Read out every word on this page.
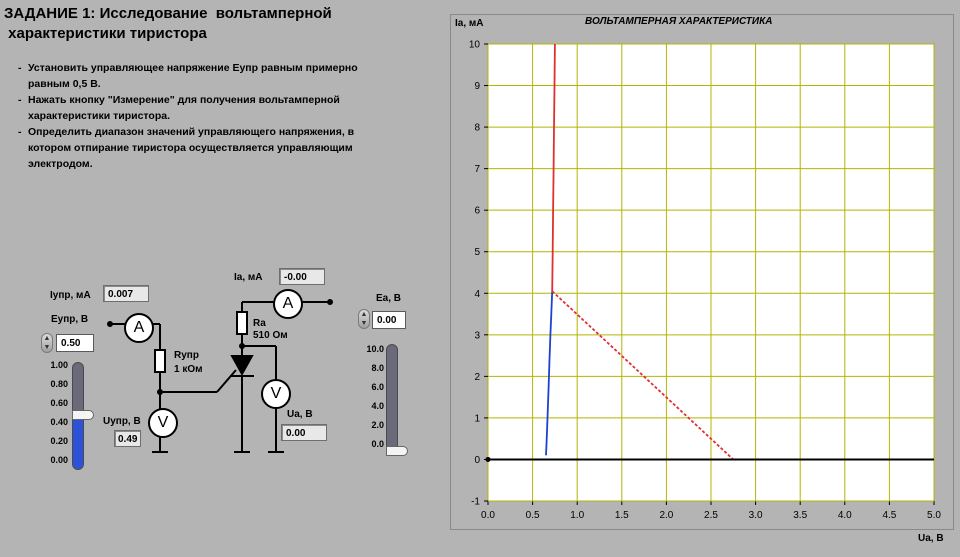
ЗАДАНИЕ 1: Исследование  вольтамперной
характеристики тиристора
- Установить управляющее напряжение Еупр равным примерно равным 0,5 В.
- Нажать кнопку "Измерение" для получения вольтамперной характеристики тиристора.
- Определить диапазон значений управляющего напряжения, в котором отпирание тиристора осуществляется управляющим электродом.
A
V
A
V
Rупр
1 кОм
Ra
510 Ом
Iупр, мА	0.007
Еупр, В
▲
▼	0.50
1.00
0.80
0.60
0.40
0.20
0.00
Uупр, В
0.49
Ia, мА	-0.00
Ua, В
0.00
Еа, В
▲
▼ 0.00
10.0
8.0
6.0
4.0
2.0
0.0
Ia, мА	ВОЛЬТАМПЕРНАЯ ХАРАКТЕРИСТИКА
Ua, В
0.0	0.5	1.0	1.5	2.0	2.5	3.0	3.5	4.0	4.5	5.0
-1
0
1
2
3
4
5
6
7
8
9
10
